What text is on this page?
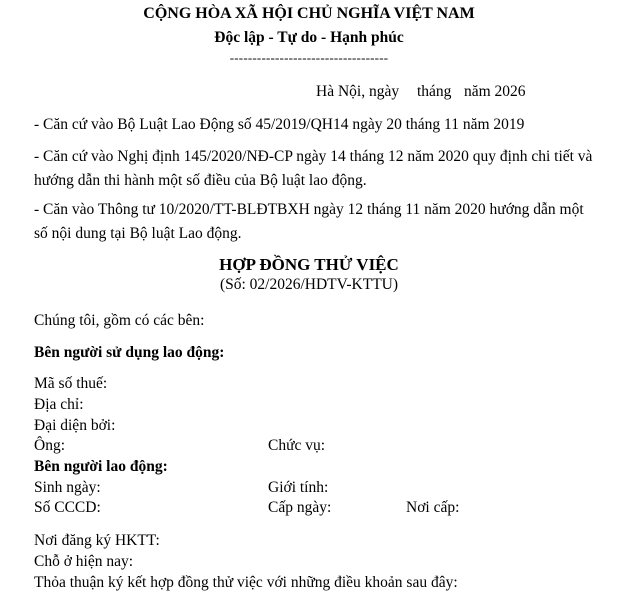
CỘNG HÒA XÃ HỘI CHỦ NGHĨA VIỆT NAM
Độc lập - Tự do - Hạnh phúc
-----------------------------------
Hà Nội, ngày tháng năm 2026
- Căn cứ vào Bộ Luật Lao Động số 45/2019/QH14 ngày 20 tháng 11 năm 2019
- Căn cứ vào Nghị định 145/2020/NĐ-CP ngày 14 tháng 12 năm 2020 quy định chi tiết và hướng dẫn thi hành một số điều của Bộ luật lao động.
- Căn vào Thông tư 10/2020/TT-BLĐTBXH ngày 12 tháng 11 năm 2020 hướng dẫn một số nội dung tại Bộ luật Lao động.
HỢP ĐỒNG THỬ VIỆC
(Số: 02/2026/HDTV-KTTU)
Chúng tôi, gồm có các bên:
Bên người sử dụng lao động:
Mã số thuế:
Địa chỉ:
Đại diện bởi:
Ông:	Chức vụ:
Bên người lao động:
Sinh ngày:	Giới tính:
Số CCCD:	Cấp ngày:	Nơi cấp:
Nơi đăng ký HKTT:
Chỗ ở hiện nay:
Thỏa thuận ký kết hợp đồng thử việc với những điều khoản sau đây:
